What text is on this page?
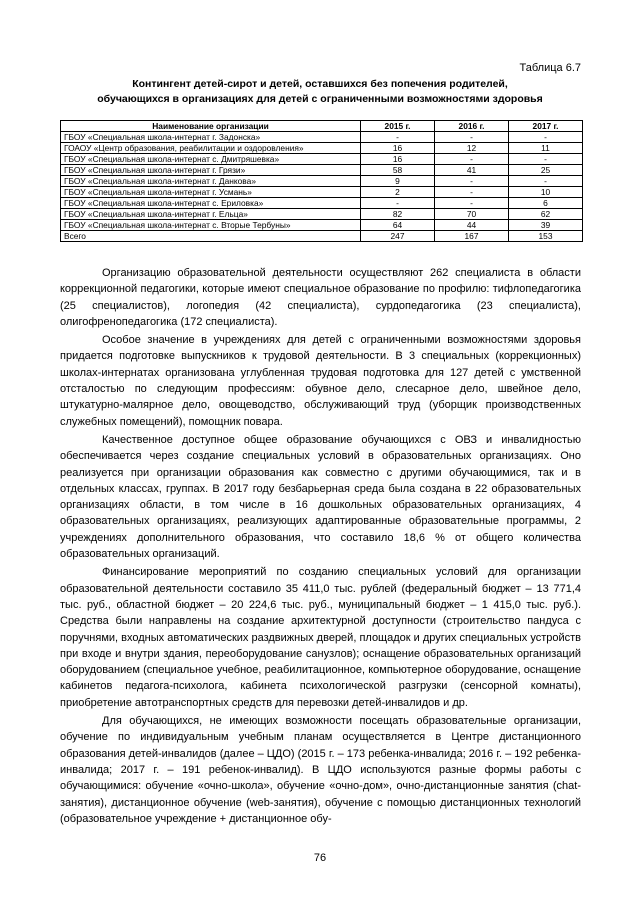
Таблица 6.7
Контингент детей-сирот и детей, оставшихся без попечения родителей,
обучающихся в организациях для детей с ограниченными возможностями здоровья
Наименование организации	2015 г.	2016 г.	2017 г.
ГБОУ «Специальная школа-интернат г. Задонска»	-	-	-
ГОАОУ «Центр образования, реабилитации и оздоровления»	16	12	11
ГБОУ «Специальная школа-интернат с. Дмитряшевка»	16	-	-
ГБОУ «Специальная школа-интернат г. Грязи»	58	41	25
ГБОУ «Специальная школа-интернат г. Данкова»	9	-	-
ГБОУ «Специальная школа-интернат г. Усмань»	2	-	10
ГБОУ «Специальная школа-интернат с. Ериловка»	-	-	6
ГБОУ «Специальная школа-интернат г. Ельца»	82	70	62
ГБОУ «Специальная школа-интернат с. Вторые Тербуны»	64	44	39
Всего	247	167	153

Организацию образовательной деятельности осуществляют 262 специалиста в области коррекционной педагогики, которые имеют специальное образование по профилю: тифлопедагогика (25 специалистов), логопедия (42 специалиста), сурдопедагогика (23 специалиста), олигофренопедагогика (172 специалиста).

Особое значение в учреждениях для детей с ограниченными возможностями здоровья придается подготовке выпускников к трудовой деятельности. В 3 специальных (коррекционных) школах-интернатах организована углубленная трудовая подготовка для 127 детей с умственной отсталостью по следующим профессиям: обувное дело, слесарное дело, швейное дело, штукатурно-малярное дело, овощеводство, обслуживающий труд (уборщик производственных служебных помещений), помощник повара.

Качественное доступное общее образование обучающихся с ОВЗ и инвалидностью обеспечивается через создание специальных условий в образовательных организациях. Оно реализуется при организации образования как совместно с другими обучающимися, так и в отдельных классах, группах. В 2017 году безбарьерная среда была создана в 22 образовательных организациях области, в том числе в 16 дошкольных образовательных организациях, 4 образовательных организациях, реализующих адаптированные образовательные программы, 2 учреждениях дополнительного образования, что составило 18,6 % от общего количества образовательных организаций.

Финансирование мероприятий по созданию специальных условий для организации образовательной деятельности составило 35 411,0 тыс. рублей (федеральный бюджет – 13 771,4 тыс. руб., областной бюджет – 20 224,6 тыс. руб., муниципальный бюджет – 1 415,0 тыс. руб.). Средства были направлены на создание архитектурной доступности (строительство пандуса с поручнями, входных автоматических раздвижных дверей, площадок и других специальных устройств при входе и внутри здания, переоборудование санузлов); оснащение образовательных организаций оборудованием (специальное учебное, реабилитационное, компьютерное оборудование, оснащение кабинетов педагога-психолога, кабинета психологической разгрузки (сенсорной комнаты), приобретение автотранспортных средств для перевозки детей-инвалидов и др.

Для обучающихся, не имеющих возможности посещать образовательные организации, обучение по индивидуальным учебным планам осуществляется в Центре дистанционного образования детей-инвалидов (далее – ЦДО) (2015 г. – 173 ребенка-инвалида; 2016 г. – 192 ребенка-инвалида; 2017 г. – 191 ребенок-инвалид). В ЦДО используются разные формы работы с обучающимися: обучение «очно-школа», обучение «очно-дом», очно-дистанционные занятия (chat-занятия), дистанционное обучение (web-занятия), обучение с помощью дистанционных технологий (образовательное учреждение + дистанционное обу-

76
